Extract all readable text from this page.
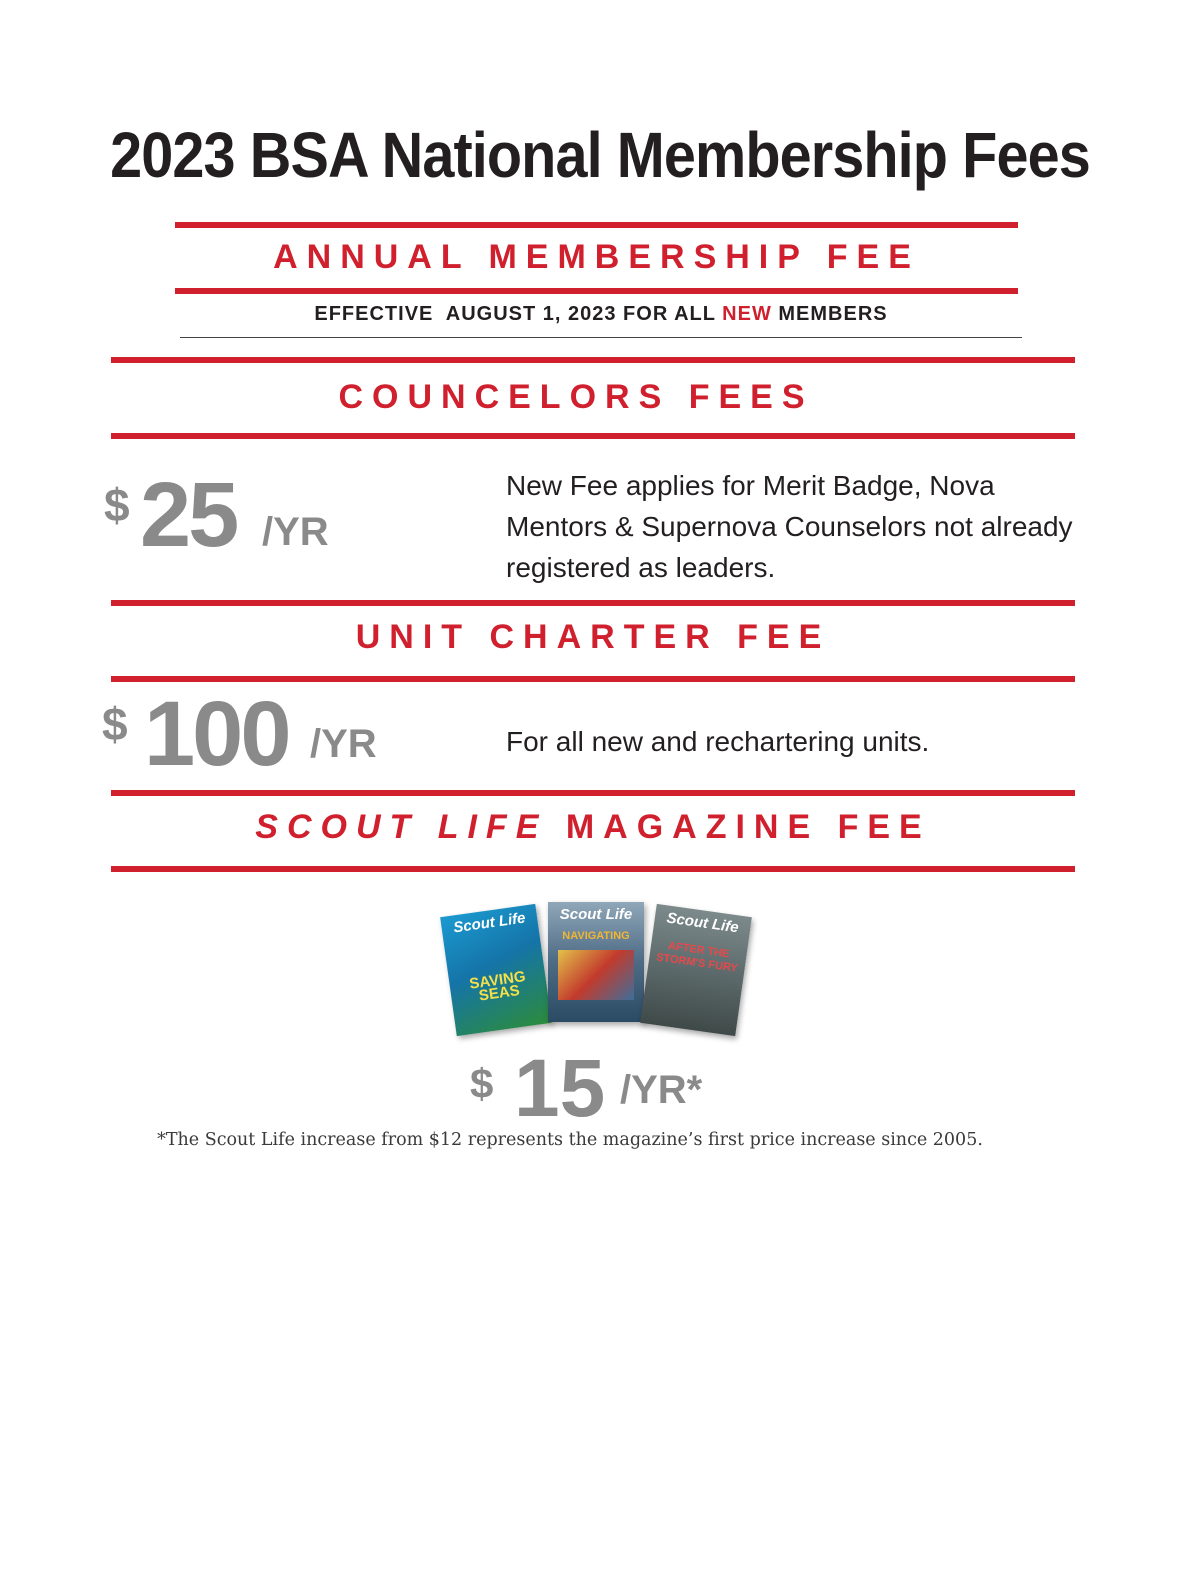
2023 BSA National Membership Fees
ANNUAL MEMBERSHIP FEE
EFFECTIVE  AUGUST 1, 2023 FOR ALL NEW MEMBERS
COUNCELORS FEES
$ 25 /YR
New Fee applies for Merit Badge, Nova
Mentors & Supernova Counselors not already
registered as leaders.
UNIT CHARTER FEE
$ 100 /YR	For all new and rechartering units.
SCOUT LIFE MAGAZINE FEE
Scout Life
SAVING SEAS
Scout Life
NAVIGATING	Scout Life
AFTER THE STORM'S FURY
$ 15 /YR*
*The Scout Life increase from $12 represents the magazine’s first price increase since 2005.
